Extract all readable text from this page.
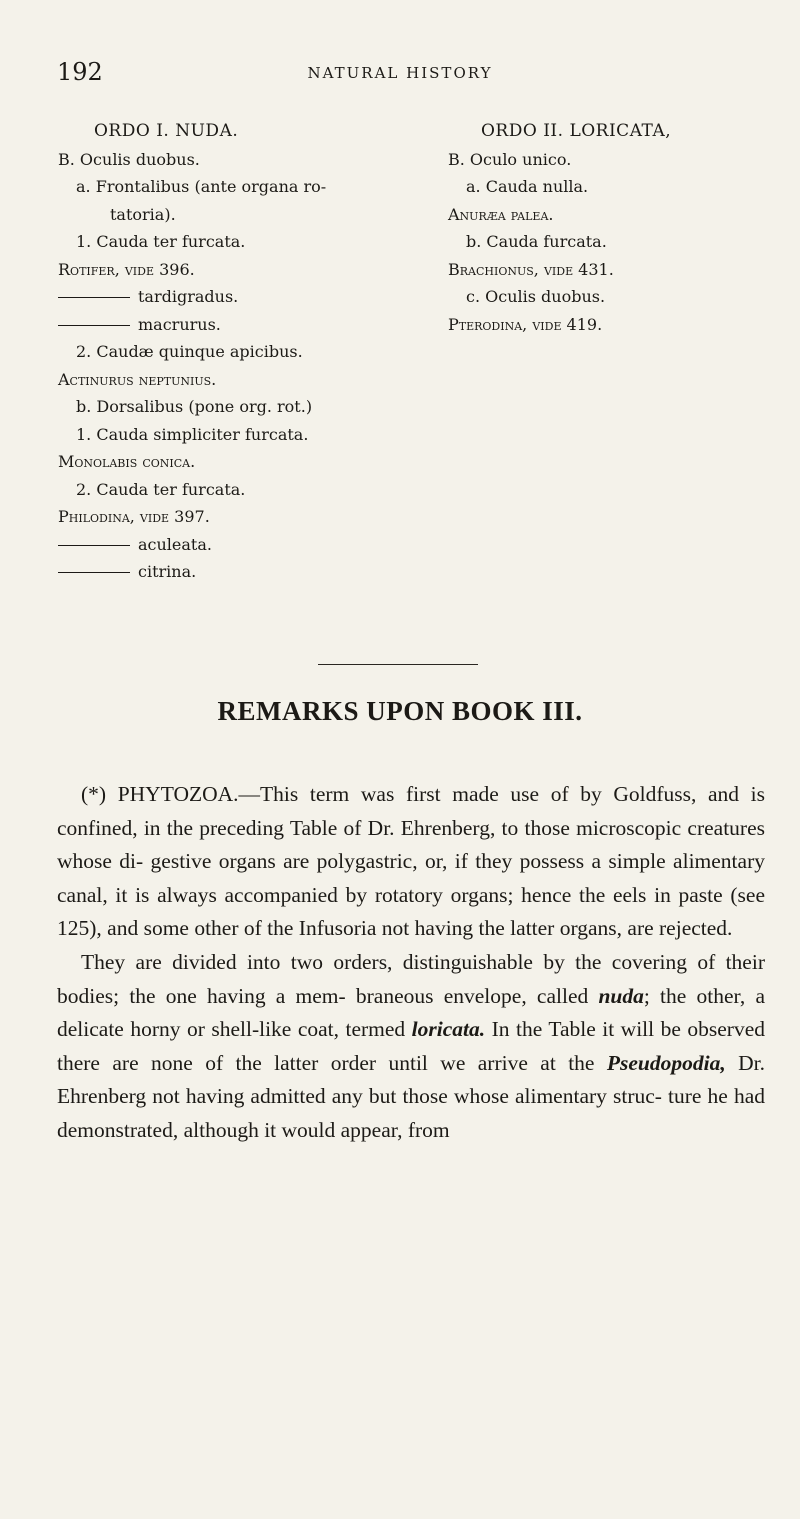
192	NATURAL HISTORY
ORDO I. NUDA.
B. Oculis duobus.
a. Frontalibus (ante organa ro-
tatoria).
1. Cauda ter furcata.
Rotifer, vide 396.
tardigradus.
macrurus.
2. Caudæ quinque apicibus.
Actinurus neptunius.
b. Dorsalibus (pone org. rot.)
1. Cauda simpliciter furcata.
Monolabis conica.
2. Cauda ter furcata.
Philodina, vide 397.
aculeata.
citrina.
ORDO II. LORICATA,
B. Oculo unico.
a. Cauda nulla.
Anuræa palea.
b. Cauda furcata.
Brachionus, vide 431.
c. Oculis duobus.
Pterodina, vide 419.
REMARKS UPON BOOK III.

(*) PHYTOZOA.—This term was first made use of by Goldfuss, and is confined, in the preceding Table of Dr. Ehrenberg, to those microscopic creatures whose di- gestive organs are polygastric, or, if they possess a simple alimentary canal, it is always accompanied by rotatory organs; hence the eels in paste (see 125), and some other of the Infusoria not having the latter organs, are rejected.

They are divided into two orders, distinguishable by the covering of their bodies; the one having a mem- braneous envelope, called nuda; the other, a delicate horny or shell-like coat, termed loricata. In the Table it will be observed there are none of the latter order until we arrive at the Pseudopodia, Dr. Ehrenberg not having admitted any but those whose alimentary struc- ture he had demonstrated, although it would appear, from
